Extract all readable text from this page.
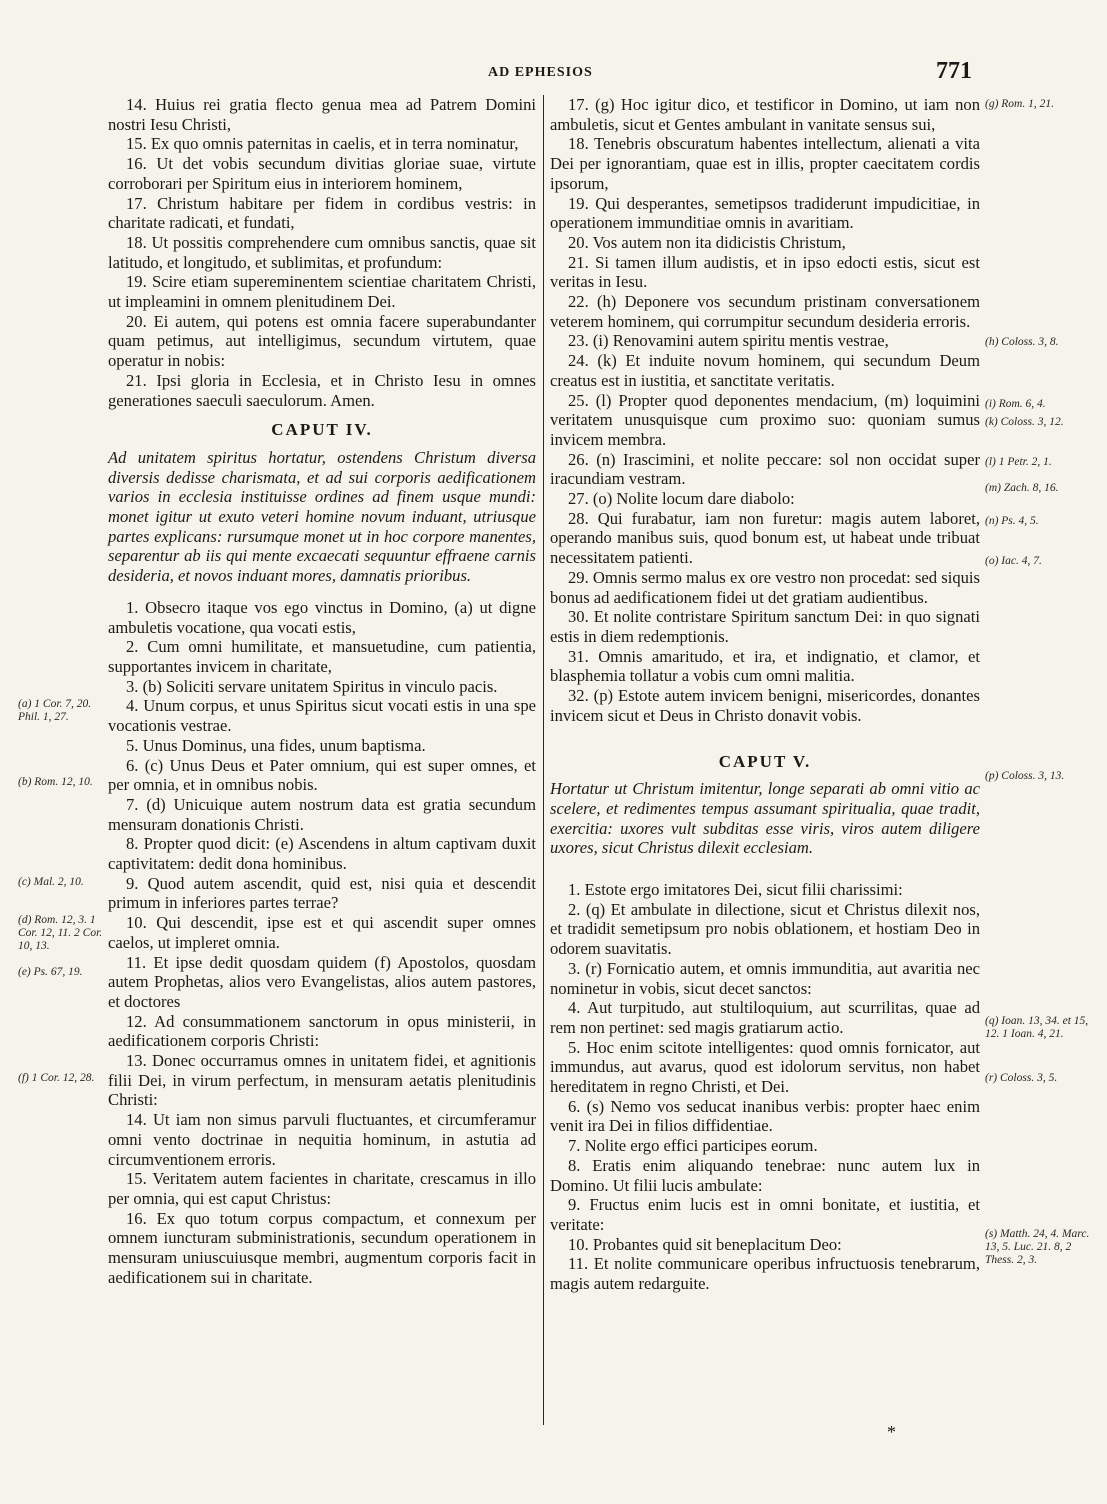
AD EPHESIOS	771

14. Huius rei gratia flecto genua mea ad Patrem Domini nostri Iesu Christi,

15. Ex quo omnis paternitas in caelis, et in terra nominatur,

16. Ut det vobis secundum divitias gloriae suae, virtute corroborari per Spiritum eius in interiorem hominem,

17. Christum habitare per fidem in cordibus vestris: in charitate radicati, et fundati,

18. Ut possitis comprehendere cum omnibus sanctis, quae sit latitudo, et longitudo, et sublimitas, et profundum:

19. Scire etiam supereminentem scientiae charitatem Christi, ut impleamini in omnem plenitudinem Dei.

20. Ei autem, qui potens est omnia facere superabundanter quam petimus, aut intelligimus, secundum virtutem, quae operatur in nobis:

21. Ipsi gloria in Ecclesia, et in Christo Iesu in omnes generationes saeculi saeculorum. Amen.

CAPUT IV.

Ad unitatem spiritus hortatur, ostendens Christum diversa diversis dedisse charismata, et ad sui corporis aedificationem varios in ecclesia instituisse ordines ad finem usque mundi: monet igitur ut exuto veteri homine novum induant, utriusque partes explicans: rursumque monet ut in hoc corpore manentes, separentur ab iis qui mente excaecati sequuntur effraene carnis desideria, et novos induant mores, damnatis prioribus.

1. Obsecro itaque vos ego vinctus in Domino, (a) ut digne ambuletis vocatione, qua vocati estis,

2. Cum omni humilitate, et mansuetudine, cum patientia, supportantes invicem in charitate,

3. (b) Soliciti servare unitatem Spiritus in vinculo pacis.

4. Unum corpus, et unus Spiritus sicut vocati estis in una spe vocationis vestrae.

5. Unus Dominus, una fides, unum baptisma.

6. (c) Unus Deus et Pater omnium, qui est super omnes, et per omnia, et in omnibus nobis.

7. (d) Unicuique autem nostrum data est gratia secundum mensuram donationis Christi.

8. Propter quod dicit: (e) Ascendens in altum captivam duxit captivitatem: dedit dona hominibus.

9. Quod autem ascendit, quid est, nisi quia et descendit primum in inferiores partes terrae?

10. Qui descendit, ipse est et qui ascendit super omnes caelos, ut impleret omnia.

11. Et ipse dedit quosdam quidem (f) Apostolos, quosdam autem Prophetas, alios vero Evangelistas, alios autem pastores, et doctores

12. Ad consummationem sanctorum in opus ministerii, in aedificationem corporis Christi:

13. Donec occurramus omnes in unitatem fidei, et agnitionis filii Dei, in virum perfectum, in mensuram aetatis plenitudinis Christi:

14. Ut iam non simus parvuli fluctuantes, et circumferamur omni vento doctrinae in nequitia hominum, in astutia ad circumventionem erroris.

15. Veritatem autem facientes in charitate, crescamus in illo per omnia, qui est caput Christus:

16. Ex quo totum corpus compactum, et connexum per omnem iuncturam subministrationis, secundum operationem in mensuram uniuscuiusque membri, augmentum corporis facit in aedificationem sui in charitate.

(a) 1 Cor. 7, 20. Phil. 1, 27.
(b) Rom. 12, 10.
(c) Mal. 2, 10.
(d) Rom. 12, 3. 1 Cor. 12, 11. 2 Cor. 10, 13.
(e) Ps. 67, 19.
(f) 1 Cor. 12, 28.

17. (g) Hoc igitur dico, et testificor in Domino, ut iam non ambuletis, sicut et Gentes ambulant in vanitate sensus sui,

18. Tenebris obscuratum habentes intellectum, alienati a vita Dei per ignorantiam, quae est in illis, propter caecitatem cordis ipsorum,

19. Qui desperantes, semetipsos tradiderunt impudicitiae, in operationem immunditiae omnis in avaritiam.

20. Vos autem non ita didicistis Christum,

21. Si tamen illum audistis, et in ipso edocti estis, sicut est veritas in Iesu.

22. (h) Deponere vos secundum pristinam conversationem veterem hominem, qui corrumpitur secundum desideria erroris.

23. (i) Renovamini autem spiritu mentis vestrae,

24. (k) Et induite novum hominem, qui secundum Deum creatus est in iustitia, et sanctitate veritatis.

25. (l) Propter quod deponentes mendacium, (m) loquimini veritatem unusquisque cum proximo suo: quoniam sumus invicem membra.

26. (n) Irascimini, et nolite peccare: sol non occidat super iracundiam vestram.

27. (o) Nolite locum dare diabolo:

28. Qui furabatur, iam non furetur: magis autem laboret, operando manibus suis, quod bonum est, ut habeat unde tribuat necessitatem patienti.

29. Omnis sermo malus ex ore vestro non procedat: sed siquis bonus ad aedificationem fidei ut det gratiam audientibus.

30. Et nolite contristare Spiritum sanctum Dei: in quo signati estis in diem redemptionis.

31. Omnis amaritudo, et ira, et indignatio, et clamor, et blasphemia tollatur a vobis cum omni malitia.

32. (p) Estote autem invicem benigni, misericordes, donantes invicem sicut et Deus in Christo donavit vobis.

CAPUT V.

Hortatur ut Christum imitentur, longe separati ab omni vitio ac scelere, et redimentes tempus assumant spiritualia, quae tradit, exercitia: uxores vult subditas esse viris, viros autem diligere uxores, sicut Christus dilexit ecclesiam.

1. Estote ergo imitatores Dei, sicut filii charissimi:

2. (q) Et ambulate in dilectione, sicut et Christus dilexit nos, et tradidit semetipsum pro nobis oblationem, et hostiam Deo in odorem suavitatis.

3. (r) Fornicatio autem, et omnis immunditia, aut avaritia nec nominetur in vobis, sicut decet sanctos:

4. Aut turpitudo, aut stultiloquium, aut scurrilitas, quae ad rem non pertinet: sed magis gratiarum actio.

5. Hoc enim scitote intelligentes: quod omnis fornicator, aut immundus, aut avarus, quod est idolorum servitus, non habet hereditatem in regno Christi, et Dei.

6. (s) Nemo vos seducat inanibus verbis: propter haec enim venit ira Dei in filios diffidentiae.

7. Nolite ergo effici participes eorum.

8. Eratis enim aliquando tenebrae: nunc autem lux in Domino. Ut filii lucis ambulate:

9. Fructus enim lucis est in omni bonitate, et iustitia, et veritate:

10. Probantes quid sit beneplacitum Deo:

11. Et nolite communicare operibus infructuosis tenebrarum, magis autem redarguite.

(g) Rom. 1, 21.
(h) Coloss. 3, 8.
(i) Rom. 6, 4.
(k) Coloss. 3, 12.
(l) 1 Petr. 2, 1.
(m) Zach. 8, 16.
(n) Ps. 4, 5.
(o) Iac. 4, 7.
(p) Coloss. 3, 13.
(q) Ioan. 13, 34. et 15, 12. 1 Ioan. 4, 21.
(r) Coloss. 3, 5.
(s) Matth. 24, 4. Marc. 13, 5. Luc. 21. 8, 2 Thess. 2, 3.
*
